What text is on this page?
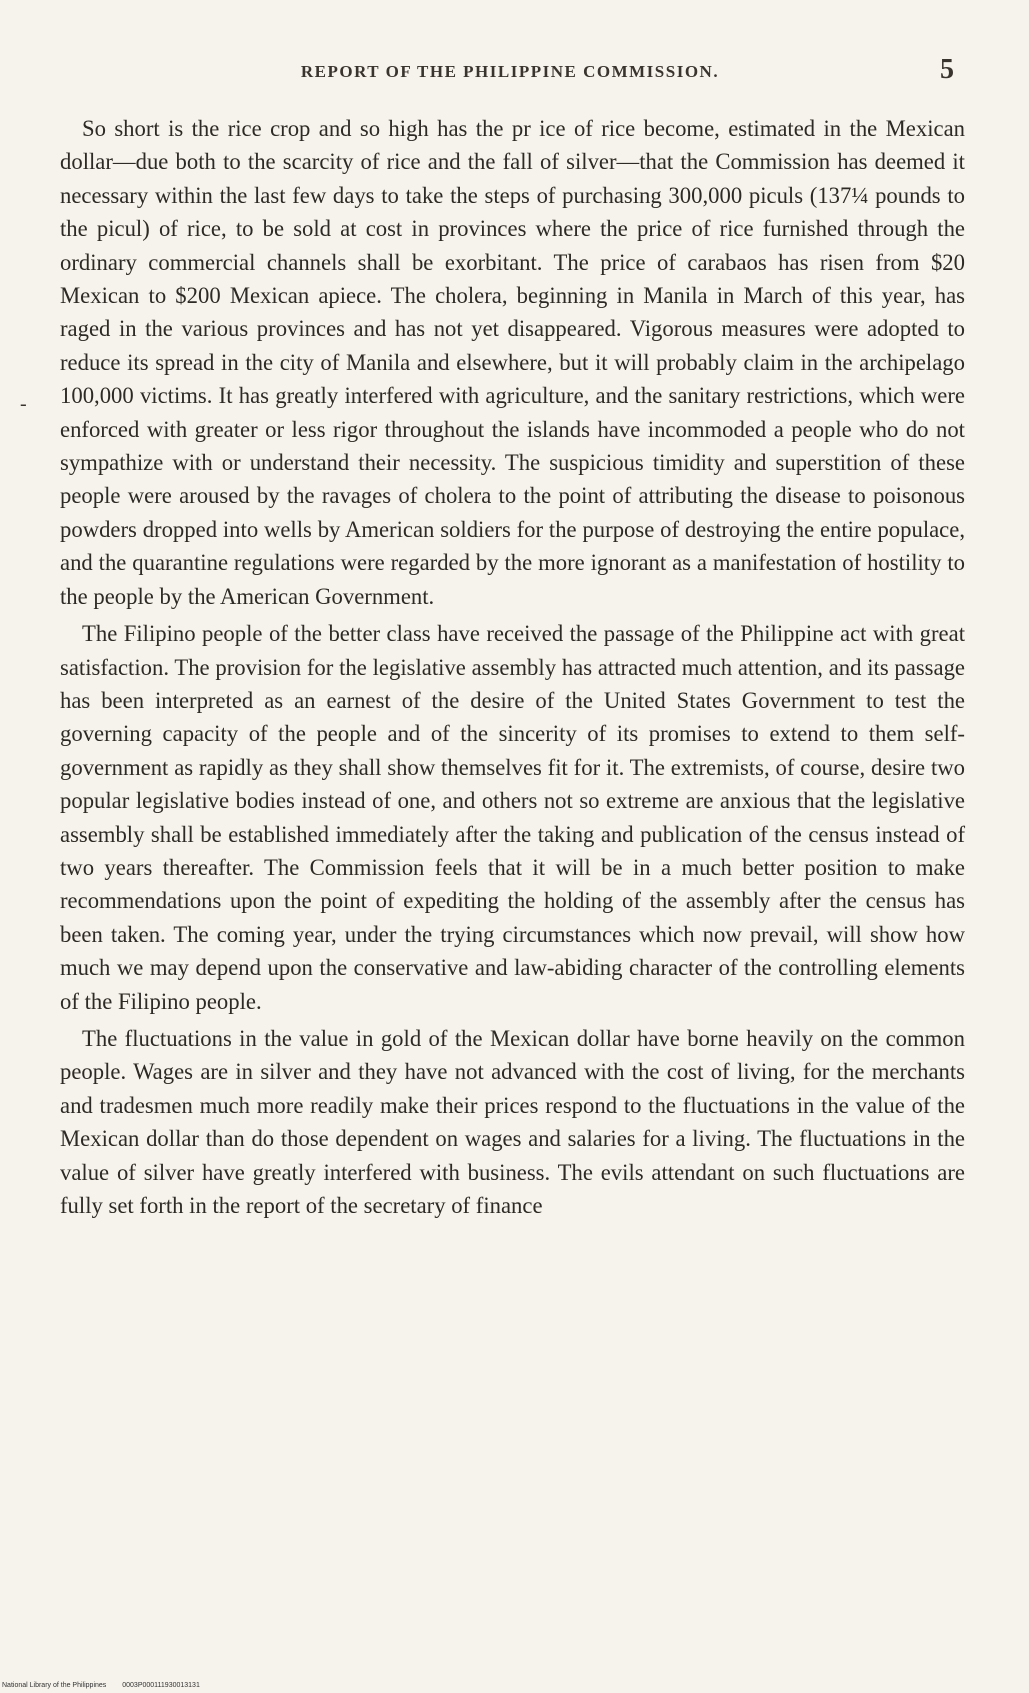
REPORT OF THE PHILIPPINE COMMISSION.	5
-

So short is the rice crop and so high has the pr ice of rice become, estimated in the Mexican dollar—due both to the scarcity of rice and the fall of silver—that the Commission has deemed it necessary within the last few days to take the steps of purchasing 300,000 piculs (137¼ pounds to the picul) of rice, to be sold at cost in provinces where the price of rice furnished through the ordinary commercial channels shall be exorbitant. The price of carabaos has risen from $20 Mexican to $200 Mexican apiece. The cholera, beginning in Manila in March of this year, has raged in the various provinces and has not yet disappeared. Vigorous measures were adopted to reduce its spread in the city of Manila and elsewhere, but it will probably claim in the archipelago 100,000 victims. It has greatly interfered with agriculture, and the sanitary restrictions, which were enforced with greater or less rigor throughout the islands have incommoded a people who do not sympathize with or understand their necessity. The suspicious timidity and superstition of these people were aroused by the ravages of cholera to the point of attributing the disease to poisonous powders dropped into wells by American soldiers for the purpose of destroying the entire populace, and the quarantine regulations were regarded by the more ignorant as a manifestation of hostility to the people by the American Government.

The Filipino people of the better class have received the passage of the Philippine act with great satisfaction. The provision for the legislative assembly has attracted much attention, and its passage has been interpreted as an earnest of the desire of the United States Government to test the governing capacity of the people and of the sincerity of its promises to extend to them self-government as rapidly as they shall show themselves fit for it. The extremists, of course, desire two popular legislative bodies instead of one, and others not so extreme are anxious that the legislative assembly shall be established immediately after the taking and publication of the census instead of two years thereafter. The Commission feels that it will be in a much better position to make recommendations upon the point of expediting the holding of the assembly after the census has been taken. The coming year, under the trying circumstances which now prevail, will show how much we may depend upon the conservative and law-abiding character of the controlling elements of the Filipino people.

The fluctuations in the value in gold of the Mexican dollar have borne heavily on the common people. Wages are in silver and they have not advanced with the cost of living, for the merchants and tradesmen much more readily make their prices respond to the fluctuations in the value of the Mexican dollar than do those dependent on wages and salaries for a living. The fluctuations in the value of silver have greatly interfered with business. The evils attendant on such fluctuations are fully set forth in the report of the secretary of finance

National Library of the Philippines 0003P000111930013131
